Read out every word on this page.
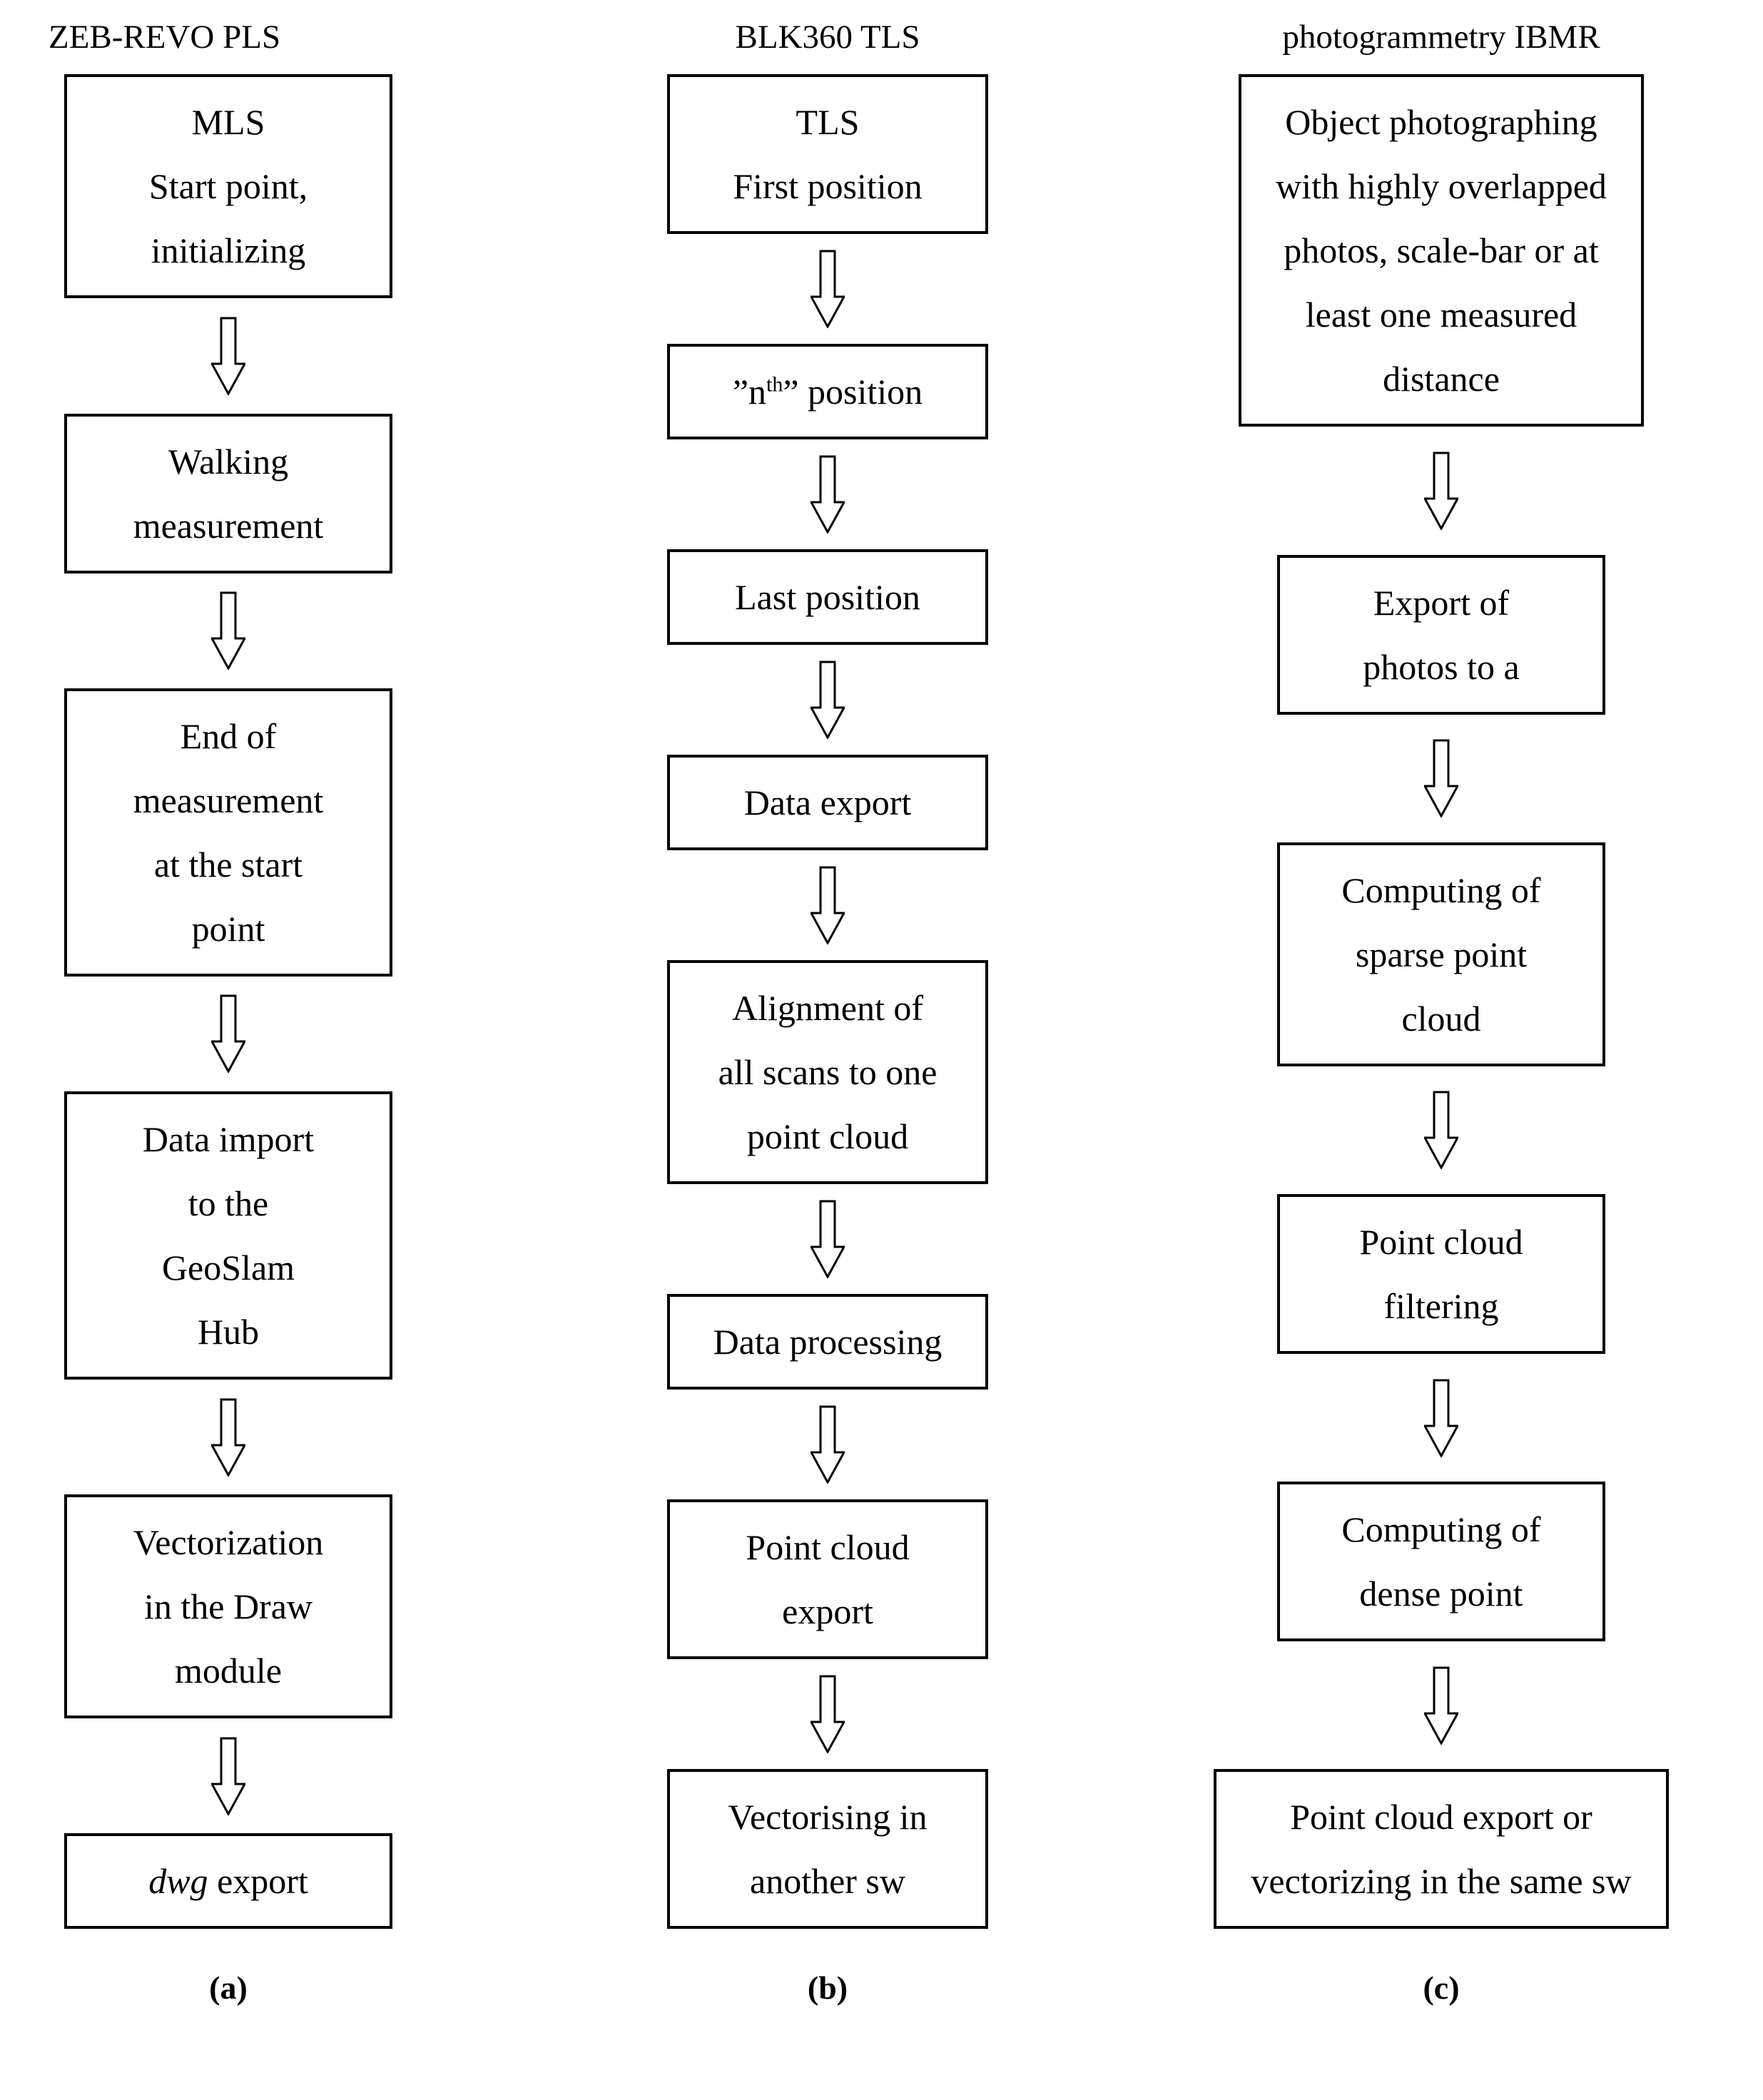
ZEB-REVO PLS
MLS
Start point,
initializing
Walking
measurement
End of
measurement
at the start
point
Data import
to the
GeoSlam
Hub
Vectorization
in the Draw
module
dwg export
(a)
BLK360 TLS
TLS
First position
$”n^{th}$” position
Last position
Data export
Alignment of
all scans to one
point cloud
Data processing
Point cloud
export
Vectorising in
another sw
(b)
photogrammetry IBMR
Object photographing
with highly overlapped
photos, scale-bar or at
least one measured
distance
Export of
photos to a
Computing of
sparse point
cloud
Point cloud
filtering
Computing of
dense point
Point cloud export or
vectorizing in the same sw
(c)
